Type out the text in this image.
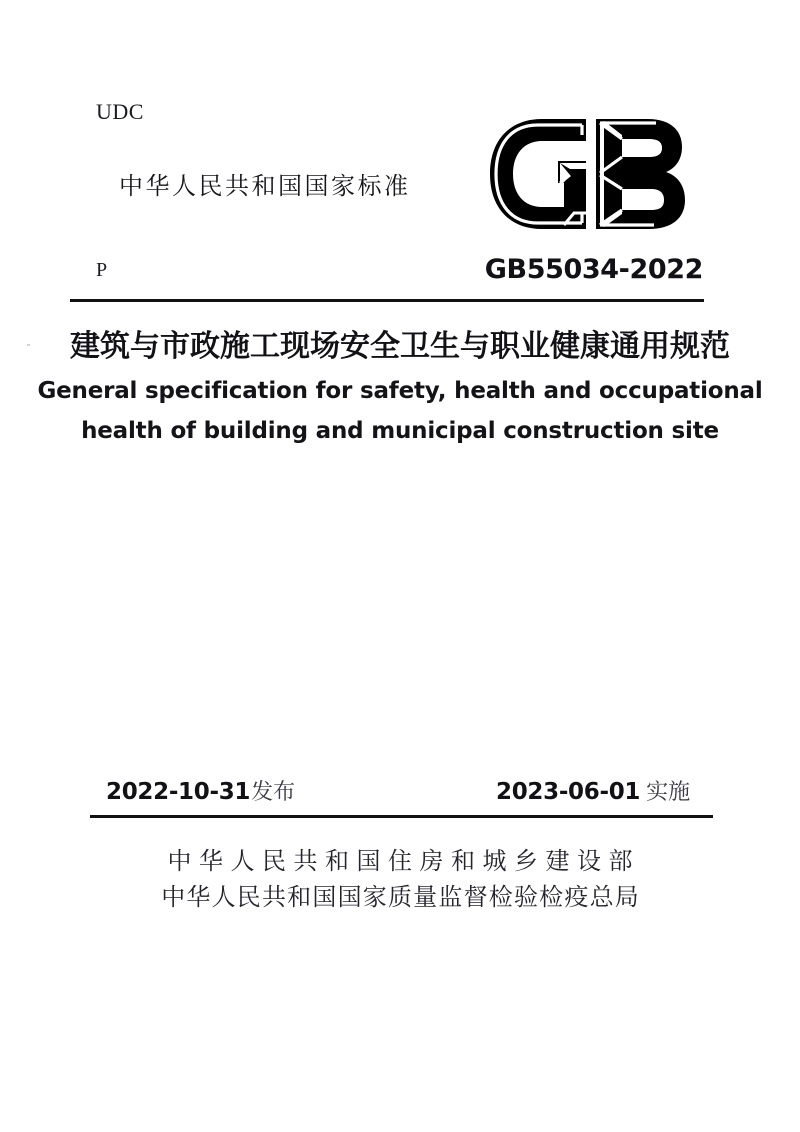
UDC
中华人民共和国国家标准
P	GB55034-2022
建筑与市政施工现场安全卫生与职业健康通用规范
General specification for safety, health and occupational
health of building and municipal construction site
2022-10-31发布	2023-06-01 实施
中华人民共和国住房和城乡建设部
中华人民共和国国家质量监督检验检疫总局
